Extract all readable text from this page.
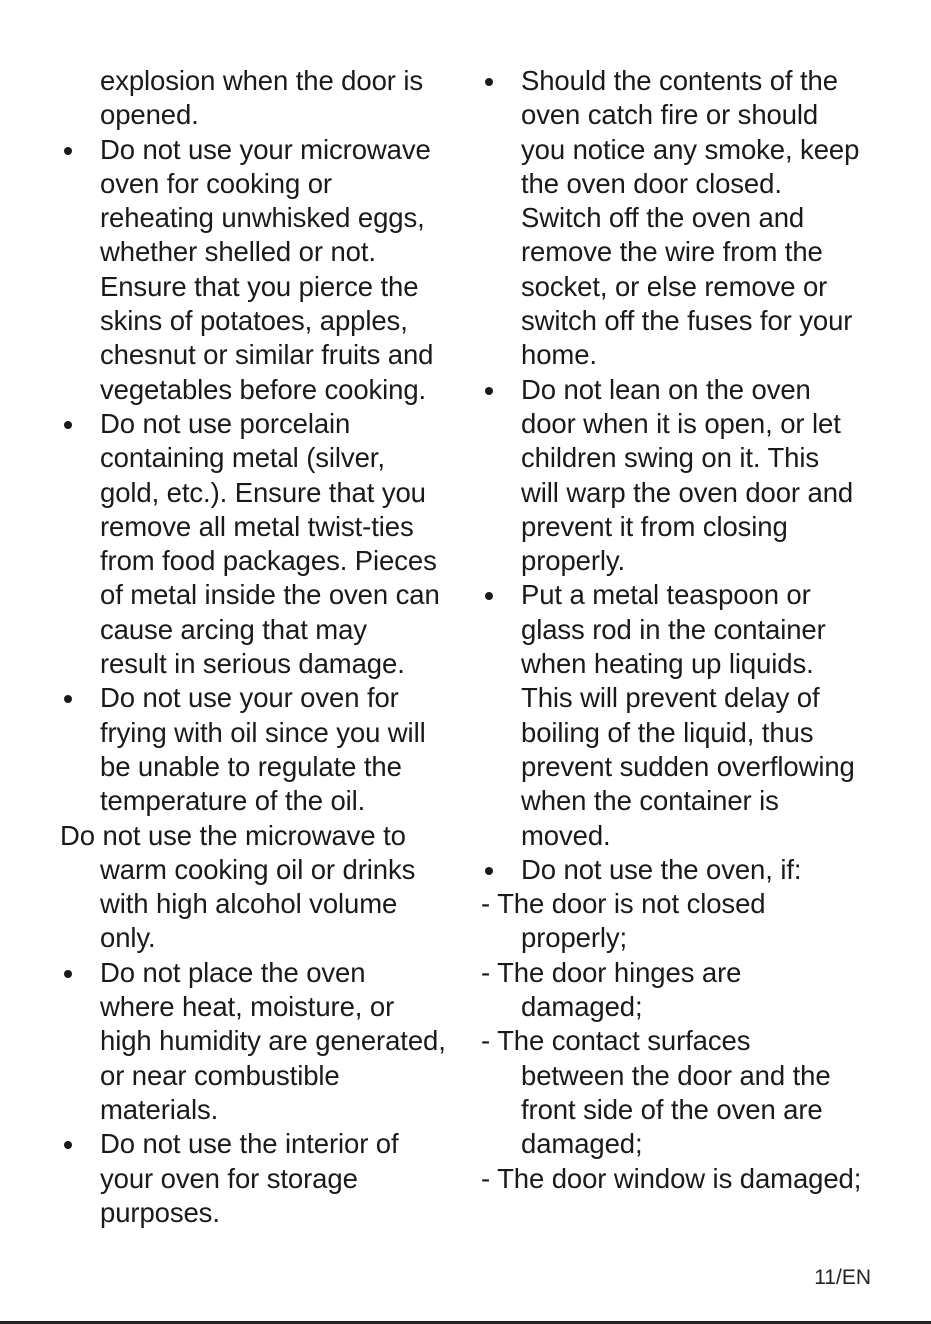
explosion when the door is
opened.
Do not use your microwave
oven for cooking or
reheating unwhisked eggs,
whether shelled or not.
Ensure that you pierce the
skins of potatoes, apples,
chesnut or similar fruits and
vegetables before cooking.
Do not use porcelain
containing metal (silver,
gold, etc.). Ensure that you
remove all metal twist-ties
from food packages. Pieces
of metal inside the oven can
cause arcing that may
result in serious damage.
Do not use your oven for
frying with oil since you will
be unable to regulate the
temperature of the oil.
Do not use the microwave to
warm cooking oil or drinks
with high alcohol volume
only.
Do not place the oven
where heat, moisture, or
high humidity are generated,
or near combustible
materials.
Do not use the interior of
your oven for storage
purposes.
Should the contents of the
oven catch fire or should
you notice any smoke, keep
the oven door closed.
Switch off the oven and
remove the wire from the
socket, or else remove or
switch off the fuses for your
home.
Do not lean on the oven
door when it is open, or let
children swing on it. This
will warp the oven door and
prevent it from closing
properly.
Put a metal teaspoon or
glass rod in the container
when heating up liquids.
This will prevent delay of
boiling of the liquid, thus
prevent sudden overflowing
when the container is
moved.
Do not use the oven, if:
- The door is not closed
properly;
- The door hinges are
damaged;
- The contact surfaces
between the door and the
front side of the oven are
damaged;
- The door window is damaged;
11/EN
